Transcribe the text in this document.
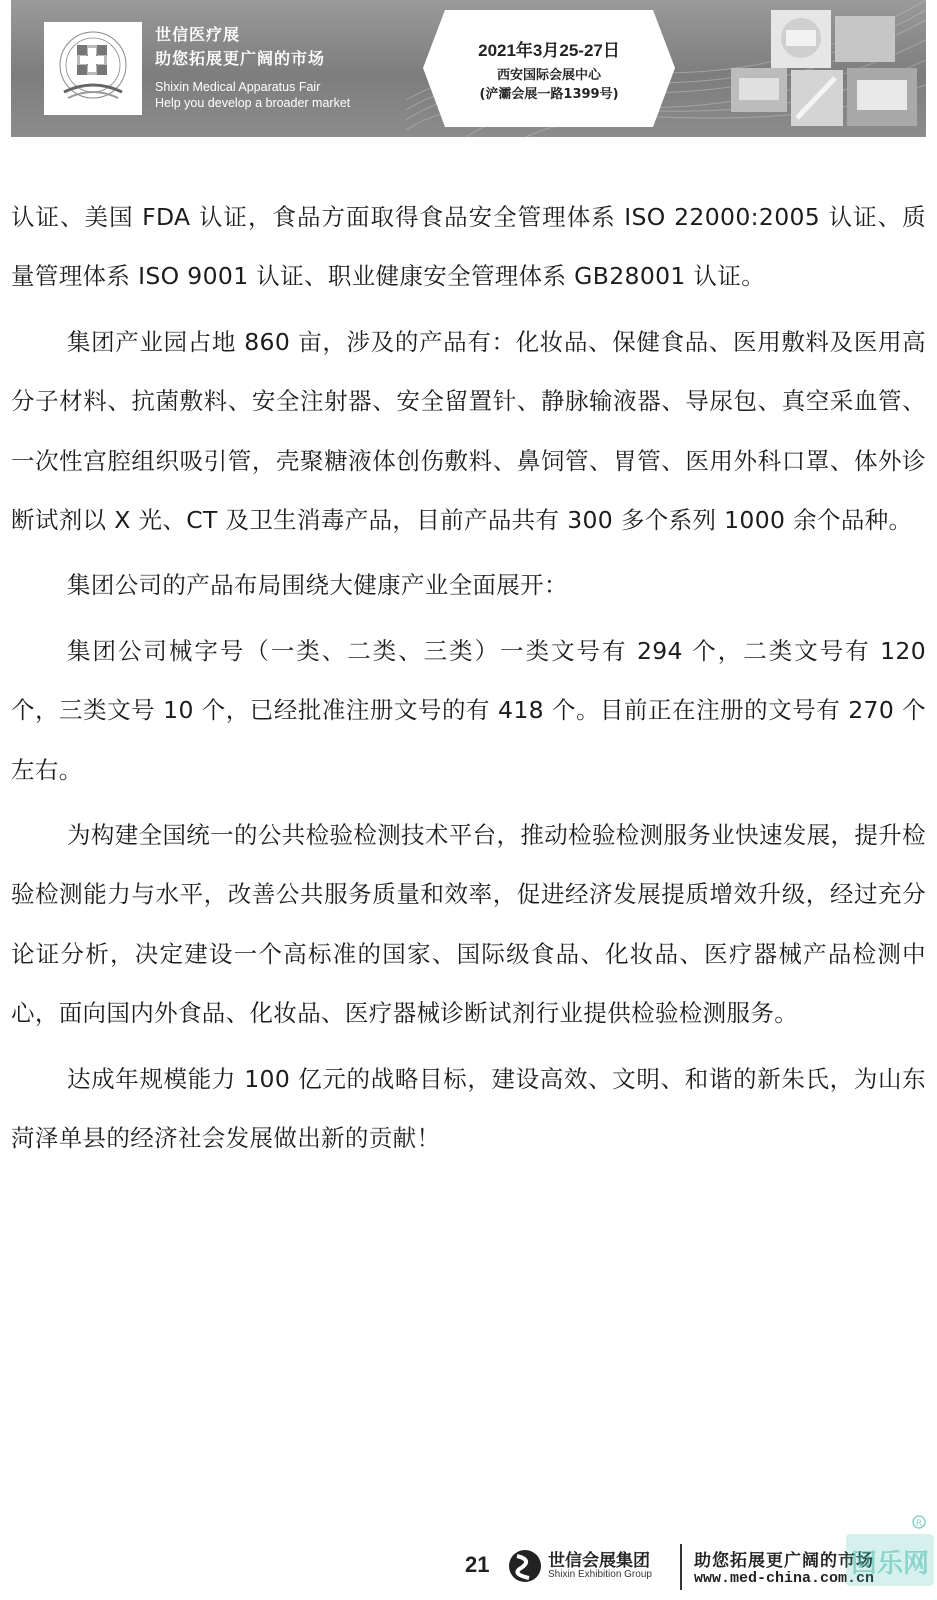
世信医疗展
助您拓展更广阔的市场
Shixin Medical Apparatus Fair
Help you develop a broader market
2021年3月25-27日
西安国际会展中心
(浐灞会展一路1399号)

认证、美国 FDA 认证，食品方面取得食品安全管理体系 ISO 22000:2005 认证、质量管理体系 ISO 9001 认证、职业健康安全管理体系 GB28001 认证。

集团产业园占地 860 亩，涉及的产品有：化妆品、保健食品、医用敷料及医用高分子材料、抗菌敷料、安全注射器、安全留置针、静脉输液器、导尿包、真空采血管、一次性宫腔组织吸引管，壳聚糖液体创伤敷料、鼻饲管、胃管、医用外科口罩、体外诊断试剂以 X 光、CT 及卫生消毒产品，目前产品共有 300 多个系列 1000 余个品种。

集团公司的产品布局围绕大健康产业全面展开：

集团公司械字号（一类、二类、三类）一类文号有 294 个，二类文号有 120 个，三类文号 10 个，已经批准注册文号的有 418 个。目前正在注册的文号有 270 个左右。

为构建全国统一的公共检验检测技术平台，推动检验检测服务业快速发展，提升检验检测能力与水平，改善公共服务质量和效率，促进经济发展提质增效升级，经过充分论证分析，决定建设一个高标准的国家、国际级食品、化妆品、医疗器械产品检测中心，面向国内外食品、化妆品、医疗器械诊断试剂行业提供检验检测服务。

达成年规模能力 100 亿元的战略目标，建设高效、文明、和谐的新朱氏，为山东菏泽单县的经济社会发展做出新的贡献！

21	世信会展集团
Shixin Exhibition Group
助您拓展更广阔的市场
www.med-china.com.cn
R
回乐网
